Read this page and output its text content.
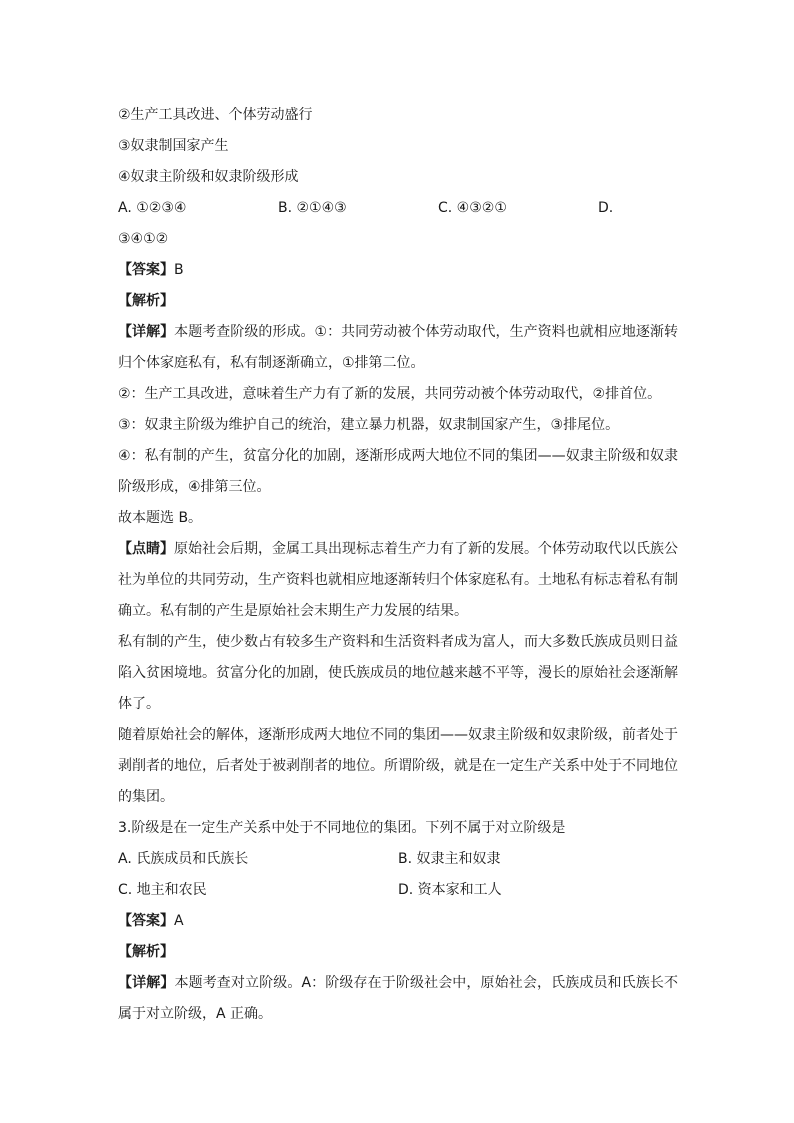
②生产工具改进、个体劳动盛行
③奴隶制国家产生
④奴隶主阶级和奴隶阶级形成
A. ①②③④	B. ②①④③	C. ④③②①	D.
③④①②
【答案】B
【解析】
【详解】本题考查阶级的形成。①：共同劳动被个体劳动取代，生产资料也就相应地逐渐转归个体家庭私有，私有制逐渐确立，①排第二位。
②：生产工具改进，意味着生产力有了新的发展，共同劳动被个体劳动取代，②排首位。
③：奴隶主阶级为维护自己的统治，建立暴力机器，奴隶制国家产生，③排尾位。
④：私有制的产生，贫富分化的加剧，逐渐形成两大地位不同的集团——奴隶主阶级和奴隶阶级形成，④排第三位。
故本题选 B。
【点睛】原始社会后期，金属工具出现标志着生产力有了新的发展。个体劳动取代以氏族公社为单位的共同劳动，生产资料也就相应地逐渐转归个体家庭私有。土地私有标志着私有制确立。私有制的产生是原始社会末期生产力发展的结果。
私有制的产生，使少数占有较多生产资料和生活资料者成为富人，而大多数氏族成员则日益陷入贫困境地。贫富分化的加剧，使氏族成员的地位越来越不平等，漫长的原始社会逐渐解体了。
随着原始社会的解体，逐渐形成两大地位不同的集团——奴隶主阶级和奴隶阶级，前者处于剥削者的地位，后者处于被剥削者的地位。所谓阶级，就是在一定生产关系中处于不同地位的集团。
3.阶级是在一定生产关系中处于不同地位的集团。下列不属于对立阶级是
A. 氏族成员和氏族长	B. 奴隶主和奴隶
C. 地主和农民	D. 资本家和工人
【答案】A
【解析】
【详解】本题考查对立阶级。A：阶级存在于阶级社会中，原始社会，氏族成员和氏族长不属于对立阶级，A 正确。
